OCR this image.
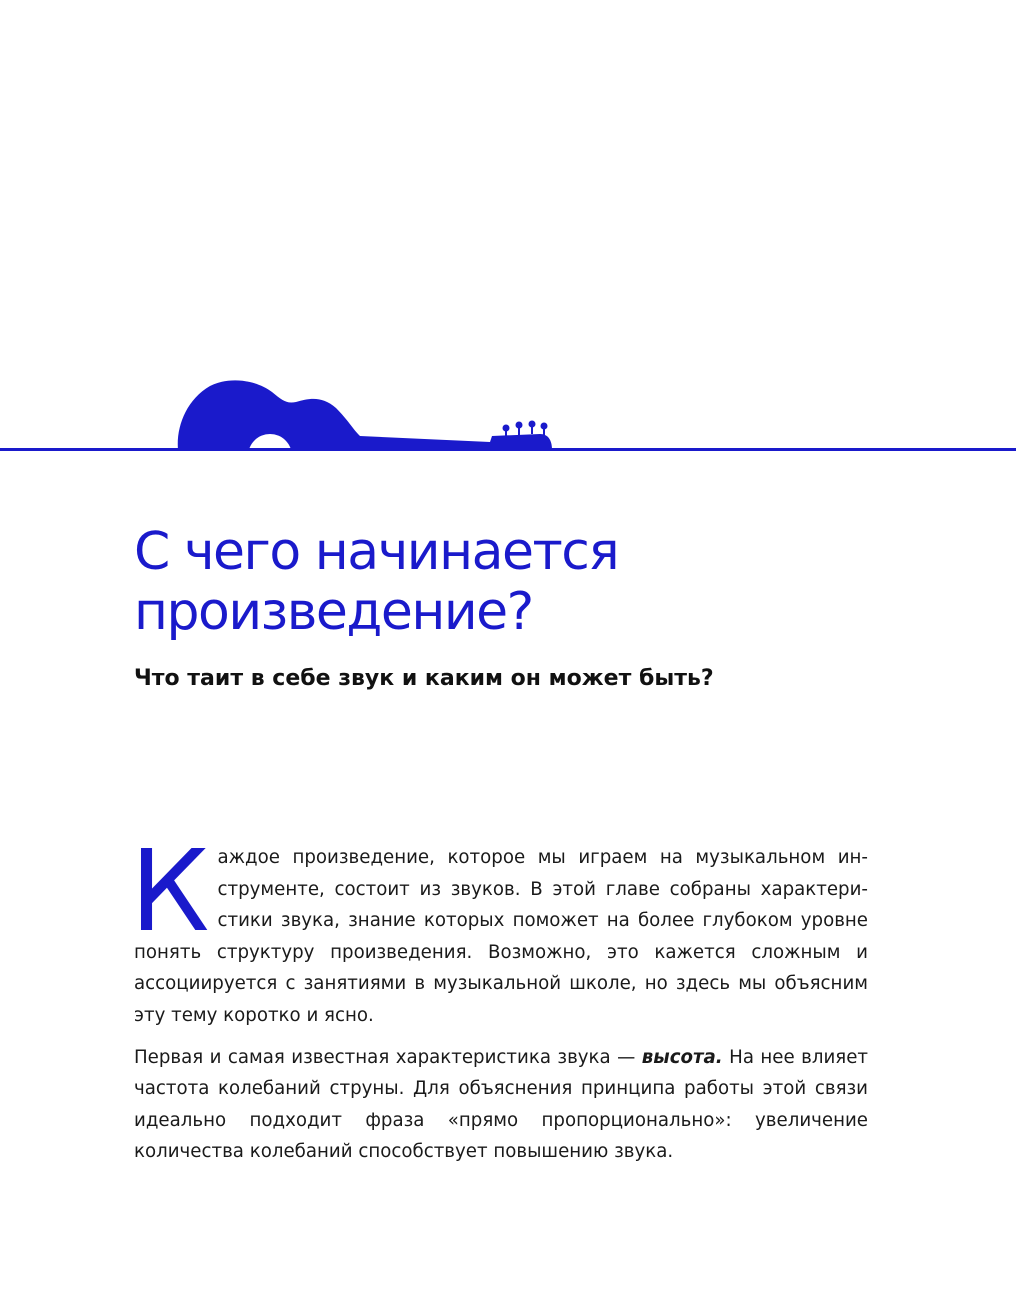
С чего начинается
произведение?
Что таит в себе звук и каким он может быть?

Каждое произведение, которое мы играем на музыкальном инструменте, состоит из звуков. В этой главе собраны характеристики звука, знание которых поможет на более глубоком уровне понять структуру произведения. Возможно, это кажется сложным и ассоциируется с занятиями в музыкальной школе, но здесь мы объясним эту тему коротко и ясно.

Первая и самая известная характеристика звука — высота. На нее влияет частота колебаний струны. Для объяснения принципа работы этой связи идеально подходит фраза «прямо пропорционально»: увеличение количества колебаний способствует повышению звука.
